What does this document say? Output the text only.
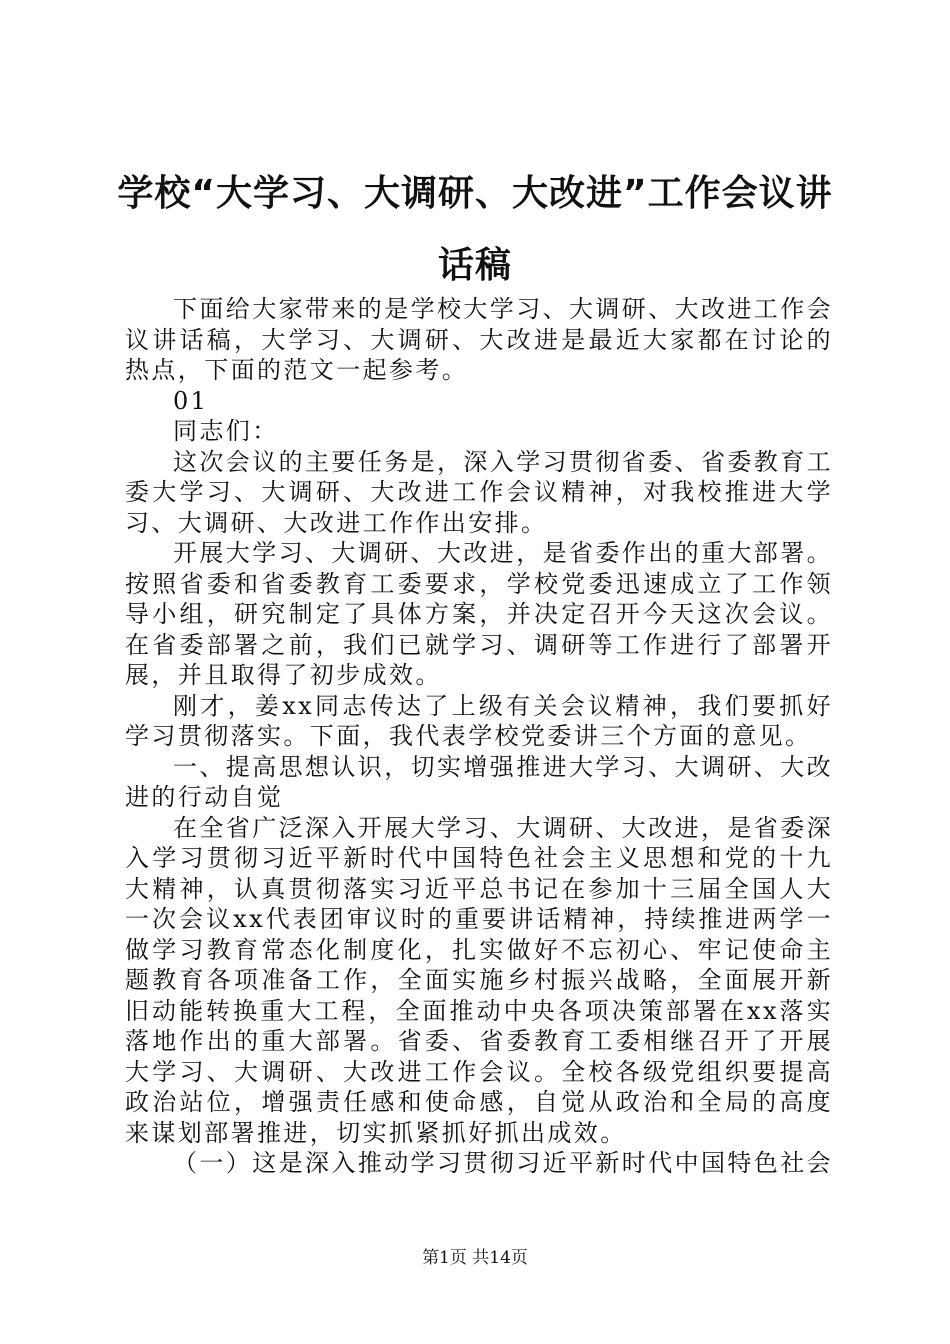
学校“大学习、大调研、大改进”工作会议讲话稿

下面给大家带来的是学校大学习、大调研、大改进工作会议讲话稿，大学习、大调研、大改进是最近大家都在讨论的热点，下面的范文一起参考。

01

同志们：

这次会议的主要任务是，深入学习贯彻省委、省委教育工委大学习、大调研、大改进工作会议精神，对我校推进大学习、大调研、大改进工作作出安排。

开展大学习、大调研、大改进，是省委作出的重大部署。按照省委和省委教育工委要求，学校党委迅速成立了工作领导小组，研究制定了具体方案，并决定召开今天这次会议。在省委部署之前，我们已就学习、调研等工作进行了部署开展，并且取得了初步成效。

刚才，姜xx同志传达了上级有关会议精神，我们要抓好学习贯彻落实。下面，我代表学校党委讲三个方面的意见。

一、提高思想认识，切实增强推进大学习、大调研、大改进的行动自觉

在全省广泛深入开展大学习、大调研、大改进，是省委深入学习贯彻习近平新时代中国特色社会主义思想和党的十九大精神，认真贯彻落实习近平总书记在参加十三届全国人大一次会议xx代表团审议时的重要讲话精神，持续推进两学一做学习教育常态化制度化，扎实做好不忘初心、牢记使命主题教育各项准备工作，全面实施乡村振兴战略，全面展开新旧动能转换重大工程，全面推动中央各项决策部署在xx落实落地作出的重大部署。省委、省委教育工委相继召开了开展大学习、大调研、大改进工作会议。全校各级党组织要提高政治站位，增强责任感和使命感，自觉从政治和全局的高度来谋划部署推进，切实抓紧抓好抓出成效。

（一）这是深入推动学习贯彻习近平新时代中国特色社会

第1页 共14页
